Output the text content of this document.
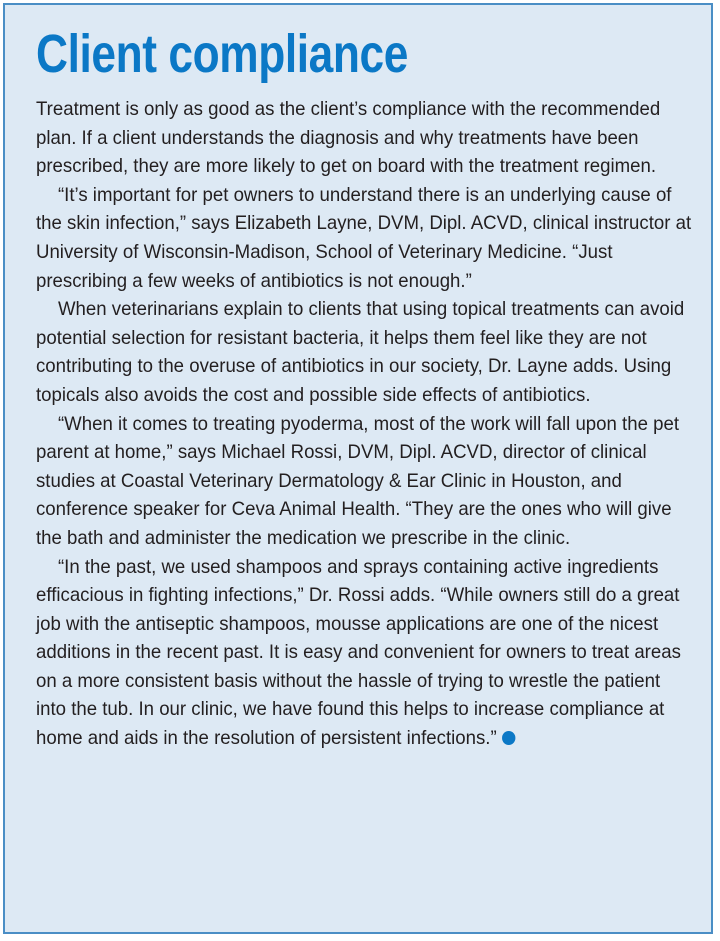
Client compliance

Treatment is only as good as the client’s compliance with the recommended plan. If a client understands the diagnosis and why treatments have been prescribed, they are more likely to get on board with the treatment regimen.

“It’s important for pet owners to understand there is an underlying cause of the skin infection,” says Elizabeth Layne, DVM, Dipl. ACVD, clinical instructor at University of Wisconsin-Madison, School of Veterinary Medicine. “Just prescribing a few weeks of antibiotics is not enough.”

When veterinarians explain to clients that using topical treatments can avoid potential selection for resistant bacteria, it helps them feel like they are not contributing to the overuse of antibiotics in our society, Dr. Layne adds. Using topicals also avoids the cost and possible side effects of antibiotics.

“When it comes to treating pyoderma, most of the work will fall upon the pet parent at home,” says Michael Rossi, DVM, Dipl. ACVD, director of clinical studies at Coastal Veterinary Dermatology & Ear Clinic in Houston, and conference speaker for Ceva Animal Health. “They are the ones who will give the bath and administer the medication we prescribe in the clinic.

“In the past, we used shampoos and sprays containing active ingredients efficacious in fighting infections,” Dr. Rossi adds. “While owners still do a great job with the antiseptic shampoos, mousse applications are one of the nicest additions in the recent past. It is easy and convenient for owners to treat areas on a more consistent basis without the hassle of trying to wrestle the patient into the tub. In our clinic, we have found this helps to increase compliance at home and aids in the resolution of persistent infections.”
